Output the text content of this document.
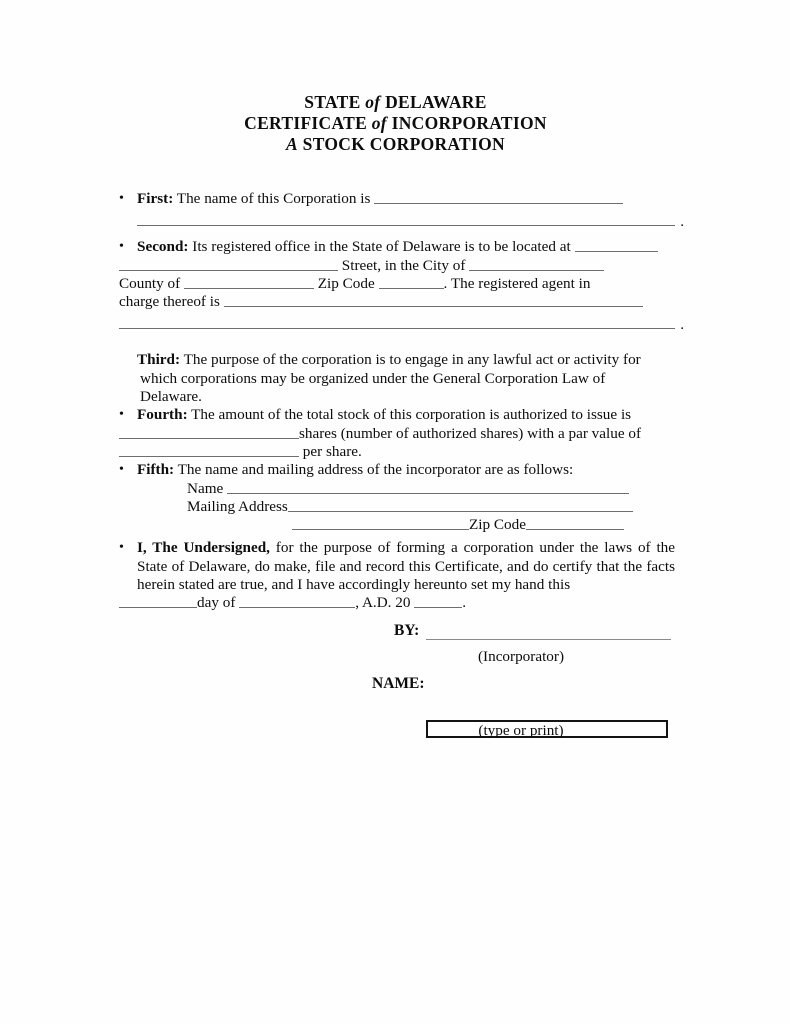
STATE of DELAWARE
CERTIFICATE of INCORPORATION
A STOCK CORPORATION
• First: The name of this Corporation is
.
• Second: Its registered office in the State of Delaware is to be located at
Street, in the City of
County of	Zip Code	. The registered agent in
charge thereof is
.
Third: The purpose of the corporation is to engage in any lawful act or activity for
which corporations may be organized under the General Corporation Law of
Delaware.
• Fourth: The amount of the total stock of this corporation is authorized to issue is
shares (number of authorized shares) with a par value of
per share.
• Fifth: The name and mailing address of the incorporator are as follows:
Name
Mailing Address
Zip Code
• I, The Undersigned, for the purpose of forming a corporation under the laws of the State of Delaware, do make, file and record this Certificate, and do certify that the facts herein stated are true, and I have accordingly hereunto set my hand this
day of	, A.D. 20	.
BY:
(Incorporator)
NAME:
(type or print)
